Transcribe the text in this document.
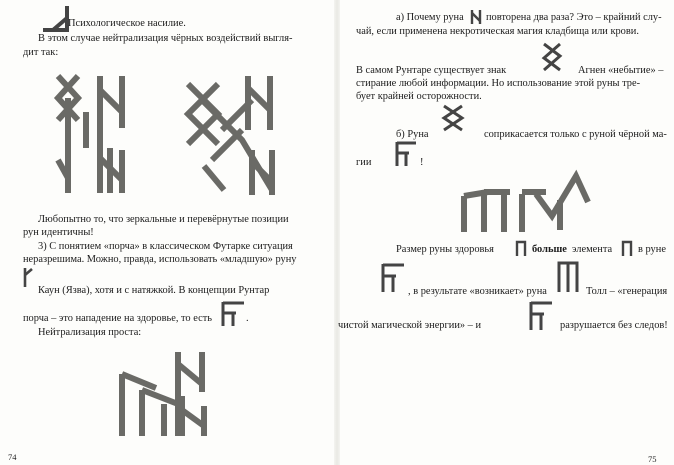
Психологическое насилие.

В этом случае нейтрализация чёрных воздействий выгля-

дит так:

Любопытно то, что зеркальные и перевёрнутые позиции

рун идентичны!

3) С понятием «порча» в классическом Футарке ситуация

неразрешима. Можно, правда, использовать «младшую» руну

Каун (Язва), хотя и с натяжкой. В концепции Рунтар

порча – это нападение на здоровье, то есть	.

Нейтрализация проста:

74

а) Почему руна повторена два раза? Это – крайний слу-

чай, если применена некротическая магия кладбища или крови.

В самом Рунтаре существует знак	Агнен «небытие» –

стирание любой информации. Но использование этой руны тре-

бует крайней осторожности.

б) Руна	соприкасается только с руной чёрной ма-

гии	!

Размер руны здоровья	больше элемента в руне

, в результате «возникает» руна	Толл – «генерация

чистой магической энергии» – и	разрушается без следов!

75
